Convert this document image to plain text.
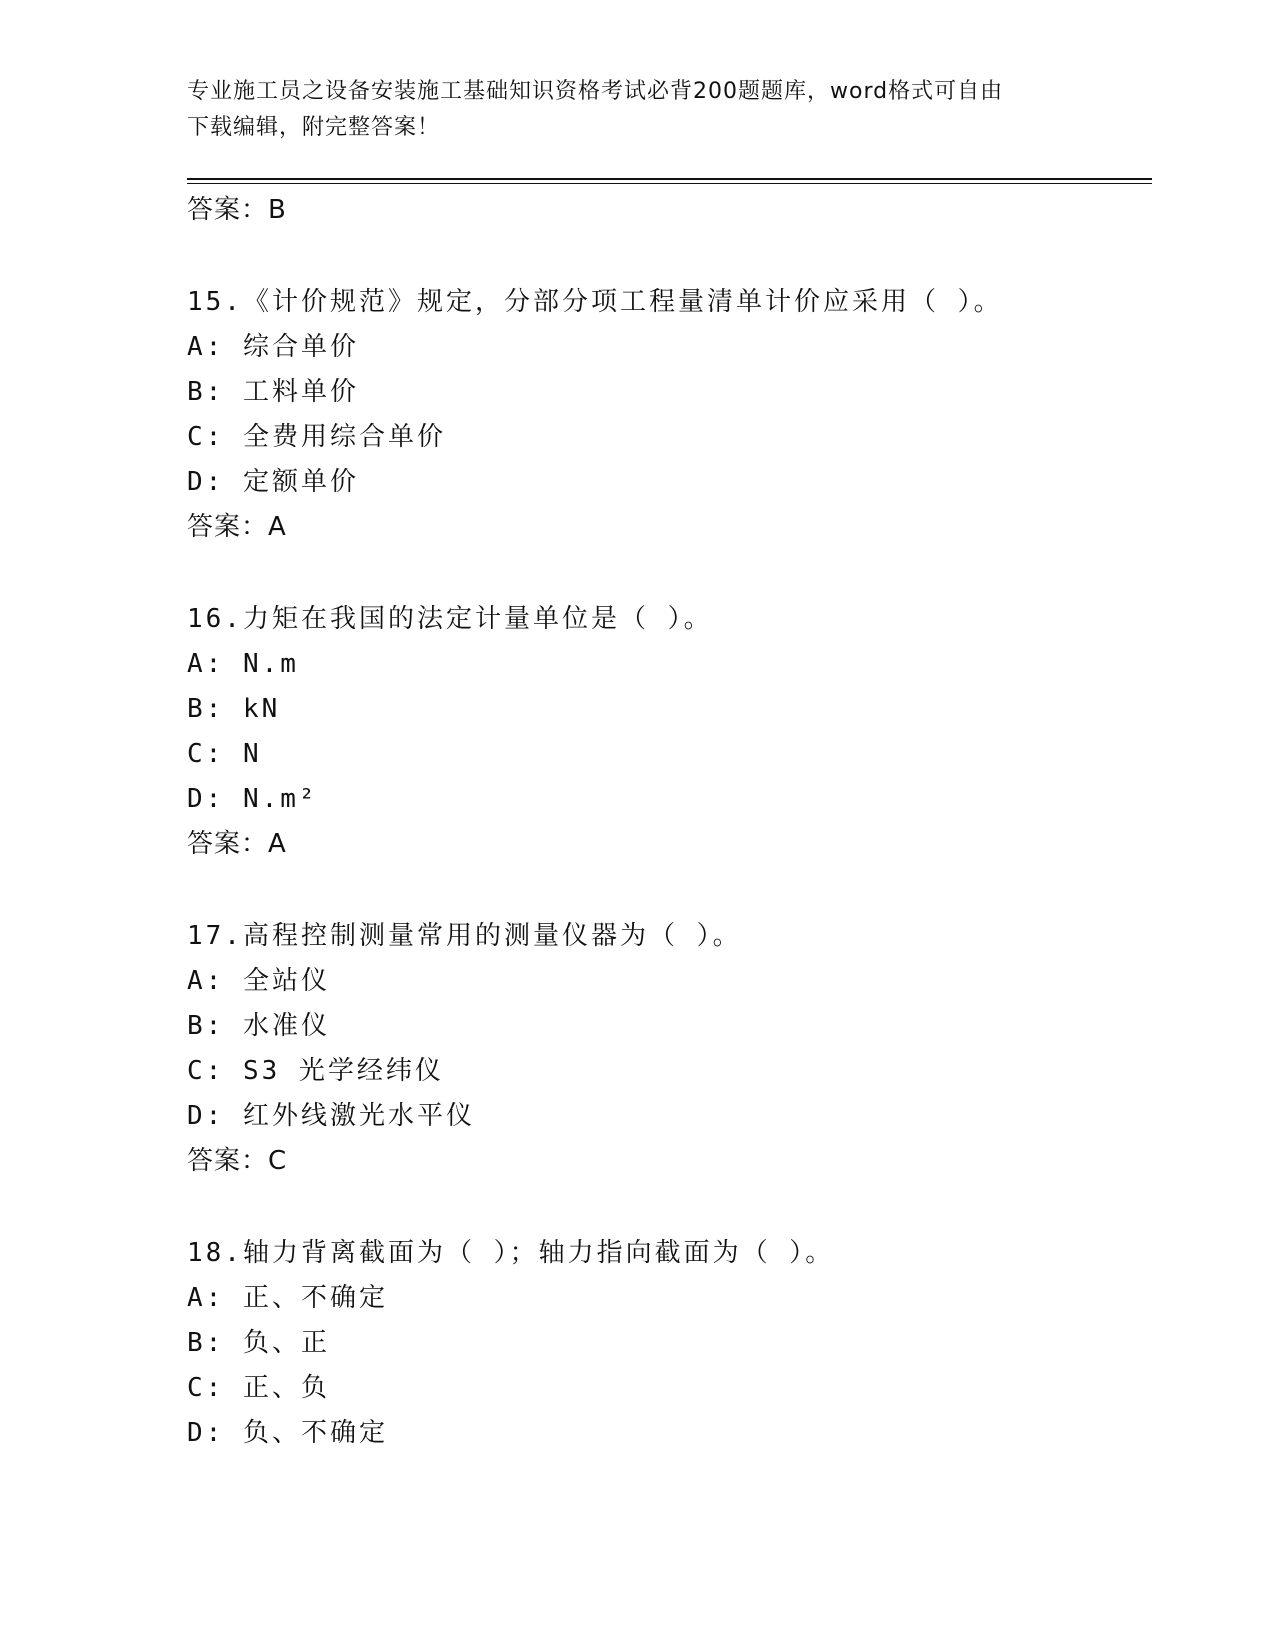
专业施工员之设备安装施工基础知识资格考试必背200题题库，word格式可自由
下载编辑，附完整答案！
答案：B
15.《计价规范》规定，分部分项工程量清单计价应采用（ ）。
A: 综合单价
B: 工料单价
C: 全费用综合单价
D: 定额单价
答案：A
16.力矩在我国的法定计量单位是（ ）。
A: N.m
B: kN
C: N
D: N.m²
答案：A
17.高程控制测量常用的测量仪器为（ ）。
A: 全站仪
B: 水准仪
C: S3 光学经纬仪
D: 红外线激光水平仪
答案：C
18.轴力背离截面为（ ）；轴力指向截面为（ ）。
A: 正、不确定
B: 负、正
C: 正、负
D: 负、不确定
